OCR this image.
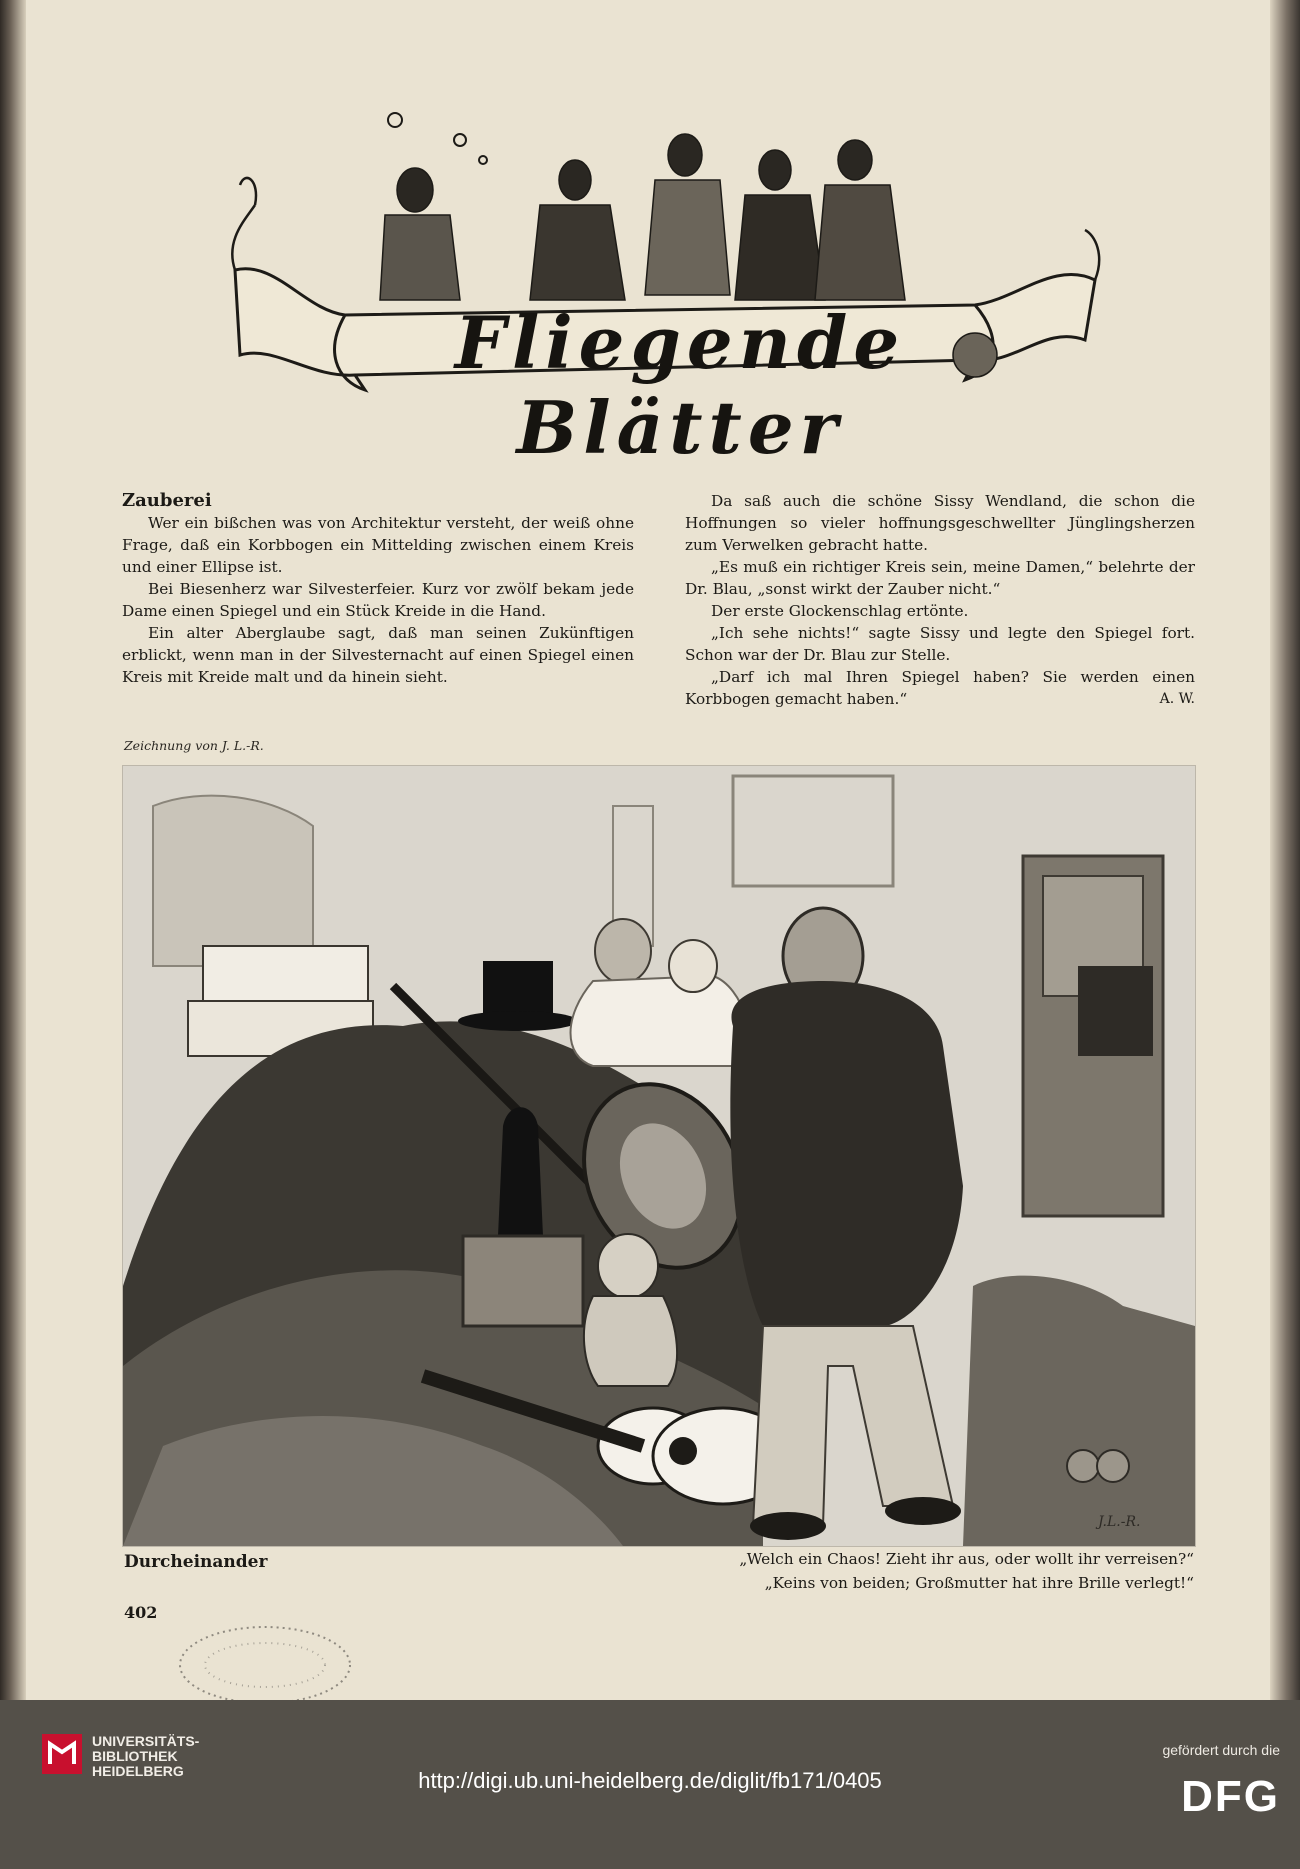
Fliegende Blätter

Zauberei

Wer ein bißchen was von Architektur versteht, der weiß ohne Frage, daß ein Korbbogen ein Mittelding zwischen einem Kreis und einer Ellipse ist.

Bei Biesenherz war Silvesterfeier. Kurz vor zwölf bekam jede Dame einen Spiegel und ein Stück Kreide in die Hand.

Ein alter Aberglaube sagt, daß man seinen Zukünftigen erblickt, wenn man in der Silvesternacht auf einen Spiegel einen Kreis mit Kreide malt und da hinein sieht.

Da saß auch die schöne Sissy Wendland, die schon die Hoffnungen so vieler hoffnungsgeschwellter Jünglingsherzen zum Verwelken gebracht hatte.

„Es muß ein richtiger Kreis sein, meine Damen,“ belehrte der Dr. Blau, „sonst wirkt der Zauber nicht.“

Der erste Glockenschlag ertönte.

„Ich sehe nichts!“ sagte Sissy und legte den Spiegel fort. Schon war der Dr. Blau zur Stelle.

„Darf ich mal Ihren Spiegel haben? Sie werden einen Korbbogen gemacht haben.“	A. W.

Zeichnung von J. L.-R.
J.L.-R.
Durcheinander	„Welch ein Chaos! Zieht ihr aus, oder wollt ihr verreisen?“
„Keins von beiden; Großmutter hat ihre Brille verlegt!“
402
UNIVERSITÄTS-
BIBLIOTHEK
HEIDELBERG	http://digi.ub.uni-heidelberg.de/diglit/fb171/0405
gefördert durch die
DFG
